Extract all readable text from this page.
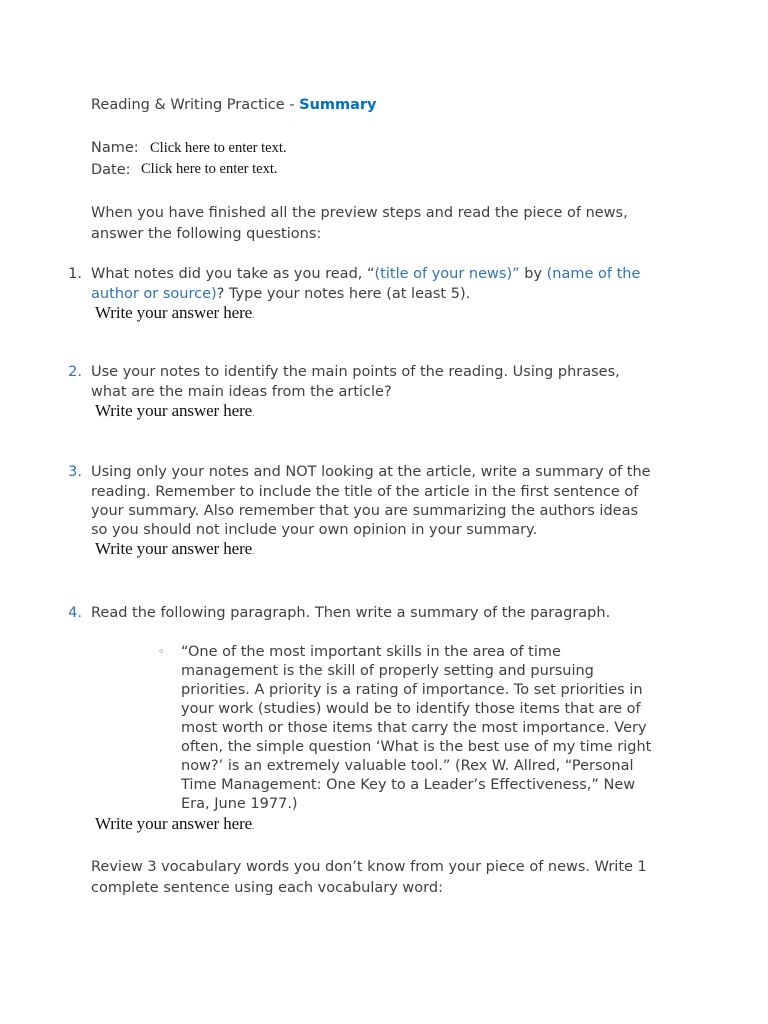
Reading & Writing Practice - Summary
Name: Click here to enter text.
Date: Click here to enter text.
When you have finished all the preview steps and read the piece of news,
answer the following questions:
1. What notes did you take as you read, “(title of your news)” by (name of the
author or source)? Type your notes here (at least 5).
Write your answer here.
2. Use your notes to identify the main points of the reading. Using phrases,
what are the main ideas from the article?
Write your answer here.
3. Using only your notes and NOT looking at the article, write a summary of the
reading. Remember to include the title of the article in the first sentence of
your summary. Also remember that you are summarizing the authors ideas
so you should not include your own opinion in your summary.
Write your answer here.
4. Read the following paragraph. Then write a summary of the paragraph.
◦ “One of the most important skills in the area of time
management is the skill of properly setting and pursuing
priorities. A priority is a rating of importance. To set priorities in
your work (studies) would be to identify those items that are of
most worth or those items that carry the most importance. Very
often, the simple question ‘What is the best use of my time right
now?’ is an extremely valuable tool.” (Rex W. Allred, “Personal
Time Management: One Key to a Leader’s Effectiveness,” New
Era, June 1977.)
Write your answer here.
Review 3 vocabulary words you don’t know from your piece of news. Write 1
complete sentence using each vocabulary word:
